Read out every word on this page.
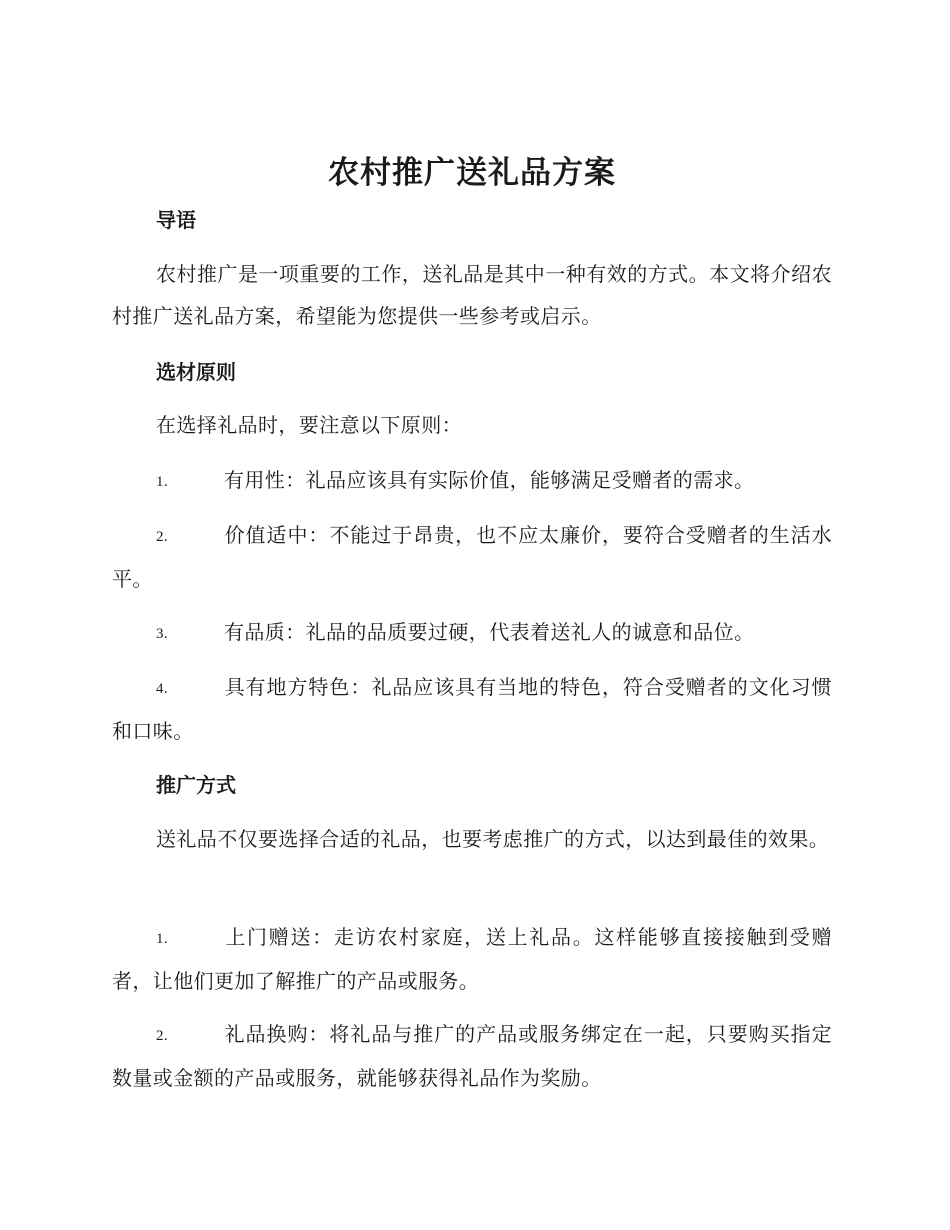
农村推广送礼品方案
导语

农村推广是一项重要的工作，送礼品是其中一种有效的方式。本文将介绍农村推广送礼品方案，希望能为您提供一些参考或启示。

选材原则

在选择礼品时，要注意以下原则：

1.	有用性：礼品应该具有实际价值，能够满足受赠者的需求。

2.	价值适中：不能过于昂贵，也不应太廉价，要符合受赠者的生活水平。

3.	有品质：礼品的品质要过硬，代表着送礼人的诚意和品位。

4.	具有地方特色：礼品应该具有当地的特色，符合受赠者的文化习惯和口味。

推广方式

送礼品不仅要选择合适的礼品，也要考虑推广的方式，以达到最佳的效果。

1.	上门赠送：走访农村家庭，送上礼品。这样能够直接接触到受赠者，让他们更加了解推广的产品或服务。

2.	礼品换购：将礼品与推广的产品或服务绑定在一起，只要购买指定数量或金额的产品或服务，就能够获得礼品作为奖励。
